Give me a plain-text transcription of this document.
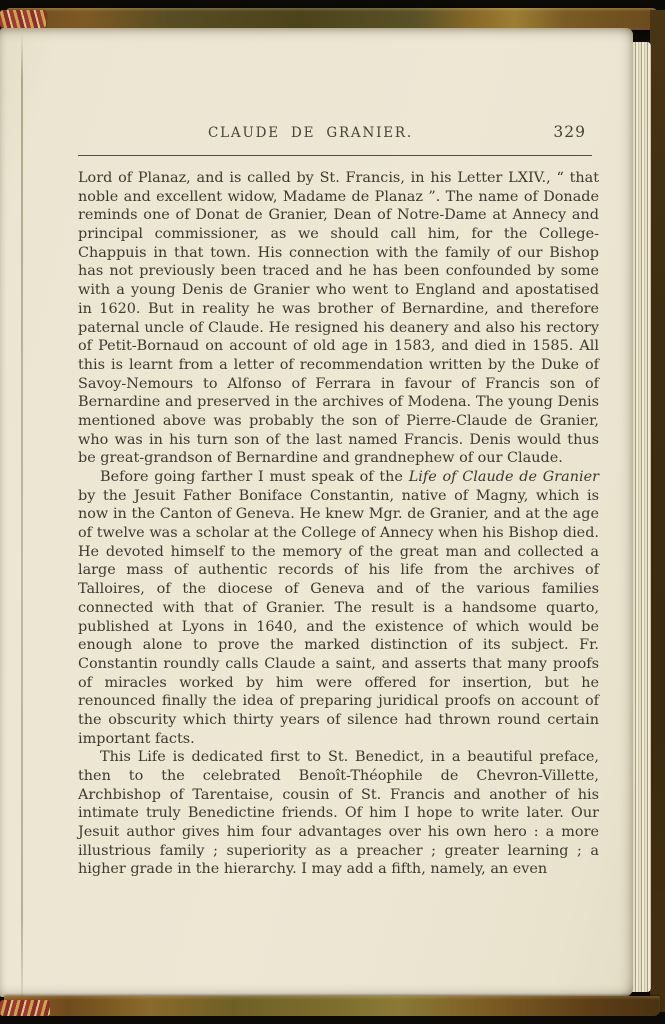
CLAUDE DE GRANIER.	329

Lord of Planaz, and is called by St. Francis, in his Letter LXIV., “ that noble and excellent widow, Madame de Planaz ”. The name of Donade reminds one of Donat de Granier, Dean of Notre-Dame at Annecy and principal commissioner, as we should call him, for the College-Chappuis in that town. His connection with the family of our Bishop has not previously been traced and he has been confounded by some with a young Denis de Granier who went to England and apostatised in 1620. But in reality he was brother of Bernardine, and therefore paternal uncle of Claude. He resigned his deanery and also his rectory of Petit-Bornaud on account of old age in 1583, and died in 1585. All this is learnt from a letter of recommendation written by the Duke of Savoy-Nemours to Alfonso of Ferrara in favour of Francis son of Bernardine and preserved in the archives of Modena. The young Denis mentioned above was probably the son of Pierre-Claude de Granier, who was in his turn son of the last named Francis. Denis would thus be great-grandson of Bernardine and grandnephew of our Claude.

Before going farther I must speak of the Life of Claude de Granier by the Jesuit Father Boniface Constantin, native of Magny, which is now in the Canton of Geneva. He knew Mgr. de Granier, and at the age of twelve was a scholar at the College of Annecy when his Bishop died. He devoted himself to the memory of the great man and collected a large mass of authentic records of his life from the archives of Talloires, of the diocese of Geneva and of the various families connected with that of Granier. The result is a handsome quarto, published at Lyons in 1640, and the existence of which would be enough alone to prove the marked distinction of its subject. Fr. Constantin roundly calls Claude a saint, and asserts that many proofs of miracles worked by him were offered for insertion, but he renounced finally the idea of preparing juridical proofs on account of the obscurity which thirty years of silence had thrown round certain important facts.

This Life is dedicated first to St. Benedict, in a beautiful preface, then to the celebrated Benoît-Théophile de Chevron-Villette, Archbishop of Tarentaise, cousin of St. Francis and another of his intimate truly Benedictine friends. Of him I hope to write later. Our Jesuit author gives him four advantages over his own hero : a more illustrious family ; superiority as a preacher ; greater learning ; a higher grade in the hierarchy. I may add a fifth, namely, an even
